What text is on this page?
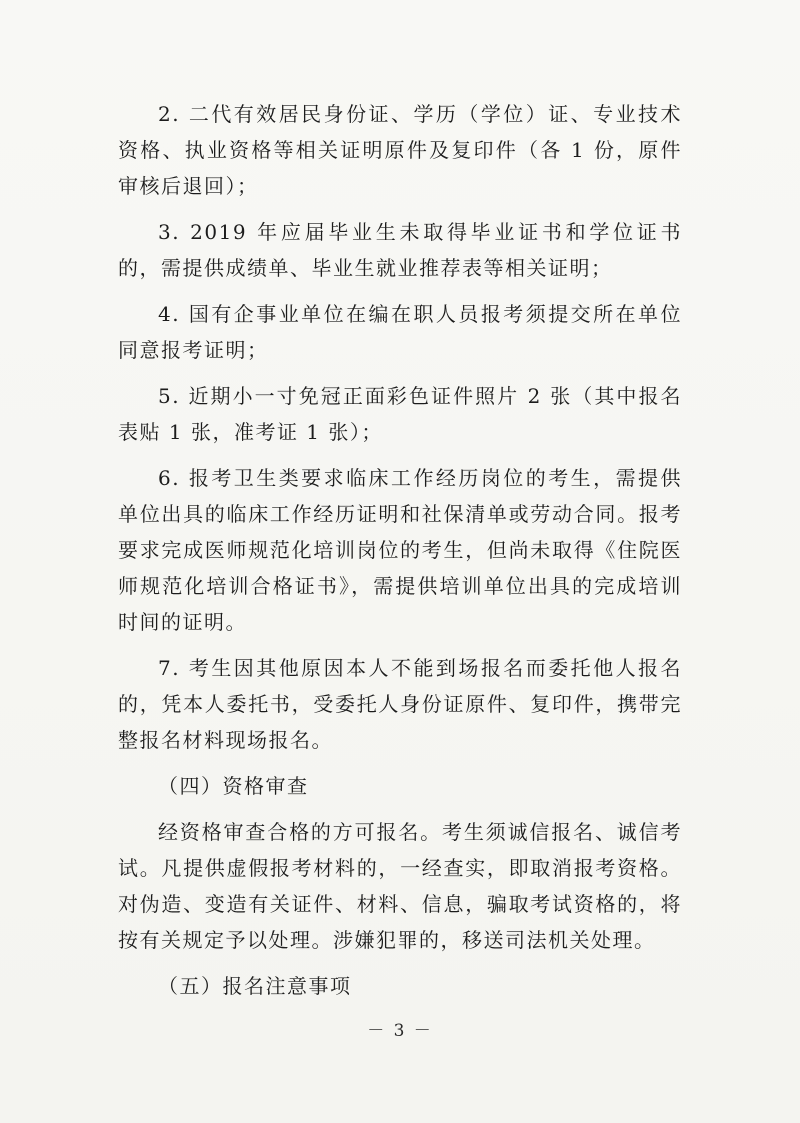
2. 二代有效居民身份证、学历（学位）证、专业技术资格、执业资格等相关证明原件及复印件（各 1 份，原件审核后退回）；

3. 2019 年应届毕业生未取得毕业证书和学位证书的，需提供成绩单、毕业生就业推荐表等相关证明；

4. 国有企事业单位在编在职人员报考须提交所在单位同意报考证明；

5. 近期小一寸免冠正面彩色证件照片 2 张（其中报名表贴 1 张，准考证 1 张）；

6. 报考卫生类要求临床工作经历岗位的考生，需提供单位出具的临床工作经历证明和社保清单或劳动合同。报考要求完成医师规范化培训岗位的考生，但尚未取得《住院医师规范化培训合格证书》，需提供培训单位出具的完成培训时间的证明。

7. 考生因其他原因本人不能到场报名而委托他人报名的，凭本人委托书，受委托人身份证原件、复印件，携带完整报名材料现场报名。

（四）资格审查

经资格审查合格的方可报名。考生须诚信报名、诚信考试。凡提供虚假报考材料的，一经查实，即取消报考资格。对伪造、变造有关证件、材料、信息，骗取考试资格的，将按有关规定予以处理。涉嫌犯罪的，移送司法机关处理。

（五）报名注意事项

－ 3 －
